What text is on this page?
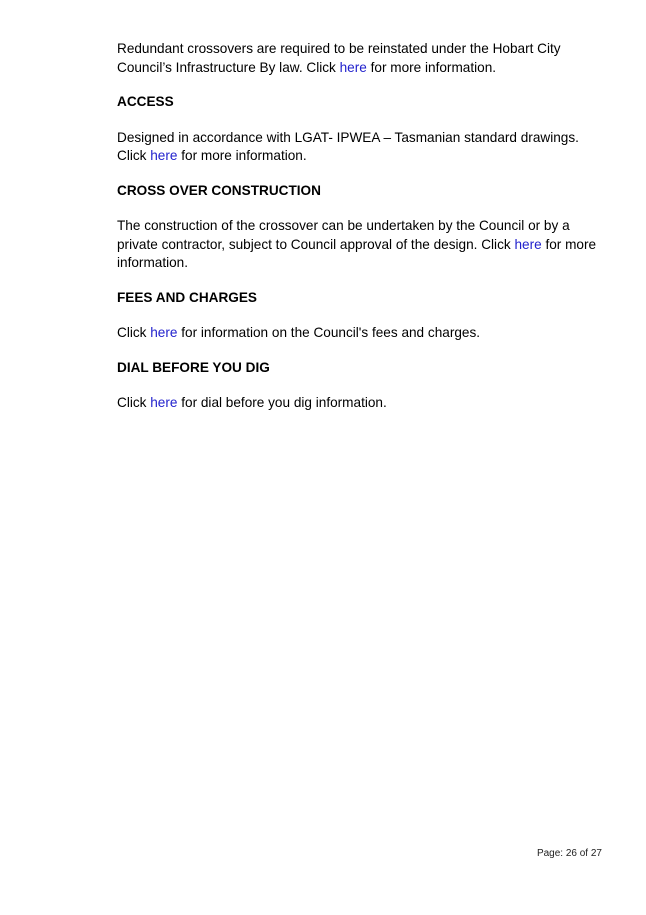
Redundant crossovers are required to be reinstated under the Hobart City Council’s Infrastructure By law. Click here for more information.

ACCESS

Designed in accordance with LGAT- IPWEA – Tasmanian standard drawings. Click here for more information.

CROSS OVER CONSTRUCTION

The construction of the crossover can be undertaken by the Council or by a private contractor, subject to Council approval of the design. Click here for more information.

FEES AND CHARGES

Click here for information on the Council's fees and charges.

DIAL BEFORE YOU DIG

Click here for dial before you dig information.

Page: 26 of 27
